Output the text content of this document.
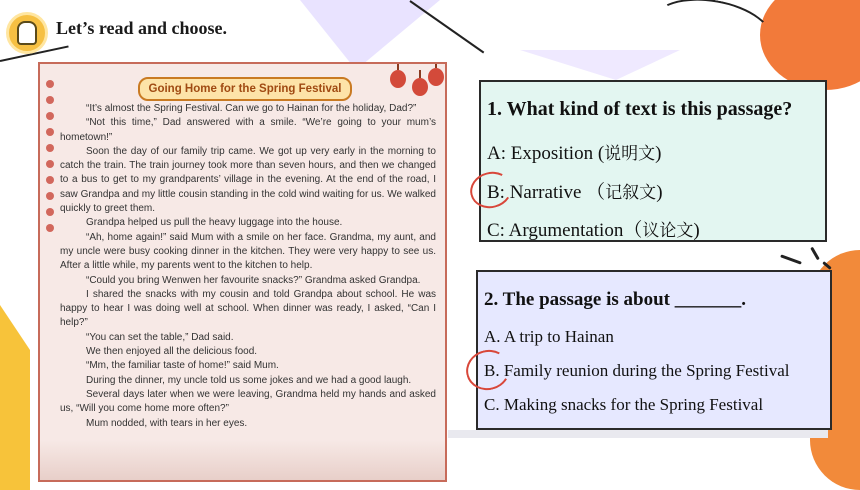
Let’s read and choose.
Going Home for the Spring Festival

“It’s almost the Spring Festival. Can we go to Hainan for the holiday, Dad?”

“Not this time,” Dad answered with a smile. “We’re going to your mum’s hometown!”

Soon the day of our family trip came. We got up very early in the morning to catch the train. The train journey took more than seven hours, and then we changed to a bus to get to my grandparents’ village in the evening. At the end of the road, I saw Grandpa and my little cousin standing in the cold wind waiting for us. We walked quickly to greet them.

Grandpa helped us pull the heavy luggage into the house.

“Ah, home again!” said Mum with a smile on her face. Grandma, my aunt, and my uncle were busy cooking dinner in the kitchen. They were very happy to see us. After a little while, my parents went to the kitchen to help.

“Could you bring Wenwen her favourite snacks?” Grandma asked Grandpa.

I shared the snacks with my cousin and told Grandpa about school. He was happy to hear I was doing well at school. When dinner was ready, I asked, “Can I help?”

“You can set the table,” Dad said.

We then enjoyed all the delicious food.

“Mm, the familiar taste of home!” said Mum.

During the dinner, my uncle told us some jokes and we had a good laugh.

Several days later when we were leaving, Grandma held my hands and asked us, “Will you come home more often?”

Mum nodded, with tears in her eyes.

1. What kind of text is this passage?
A: Exposition (说明文)
B: Narrative （记叙文)
C: Argumentation（议论文)
2. The passage is about _______.
A. A trip to Hainan
B. Family reunion during the Spring Festival
C. Making snacks for the Spring Festival
